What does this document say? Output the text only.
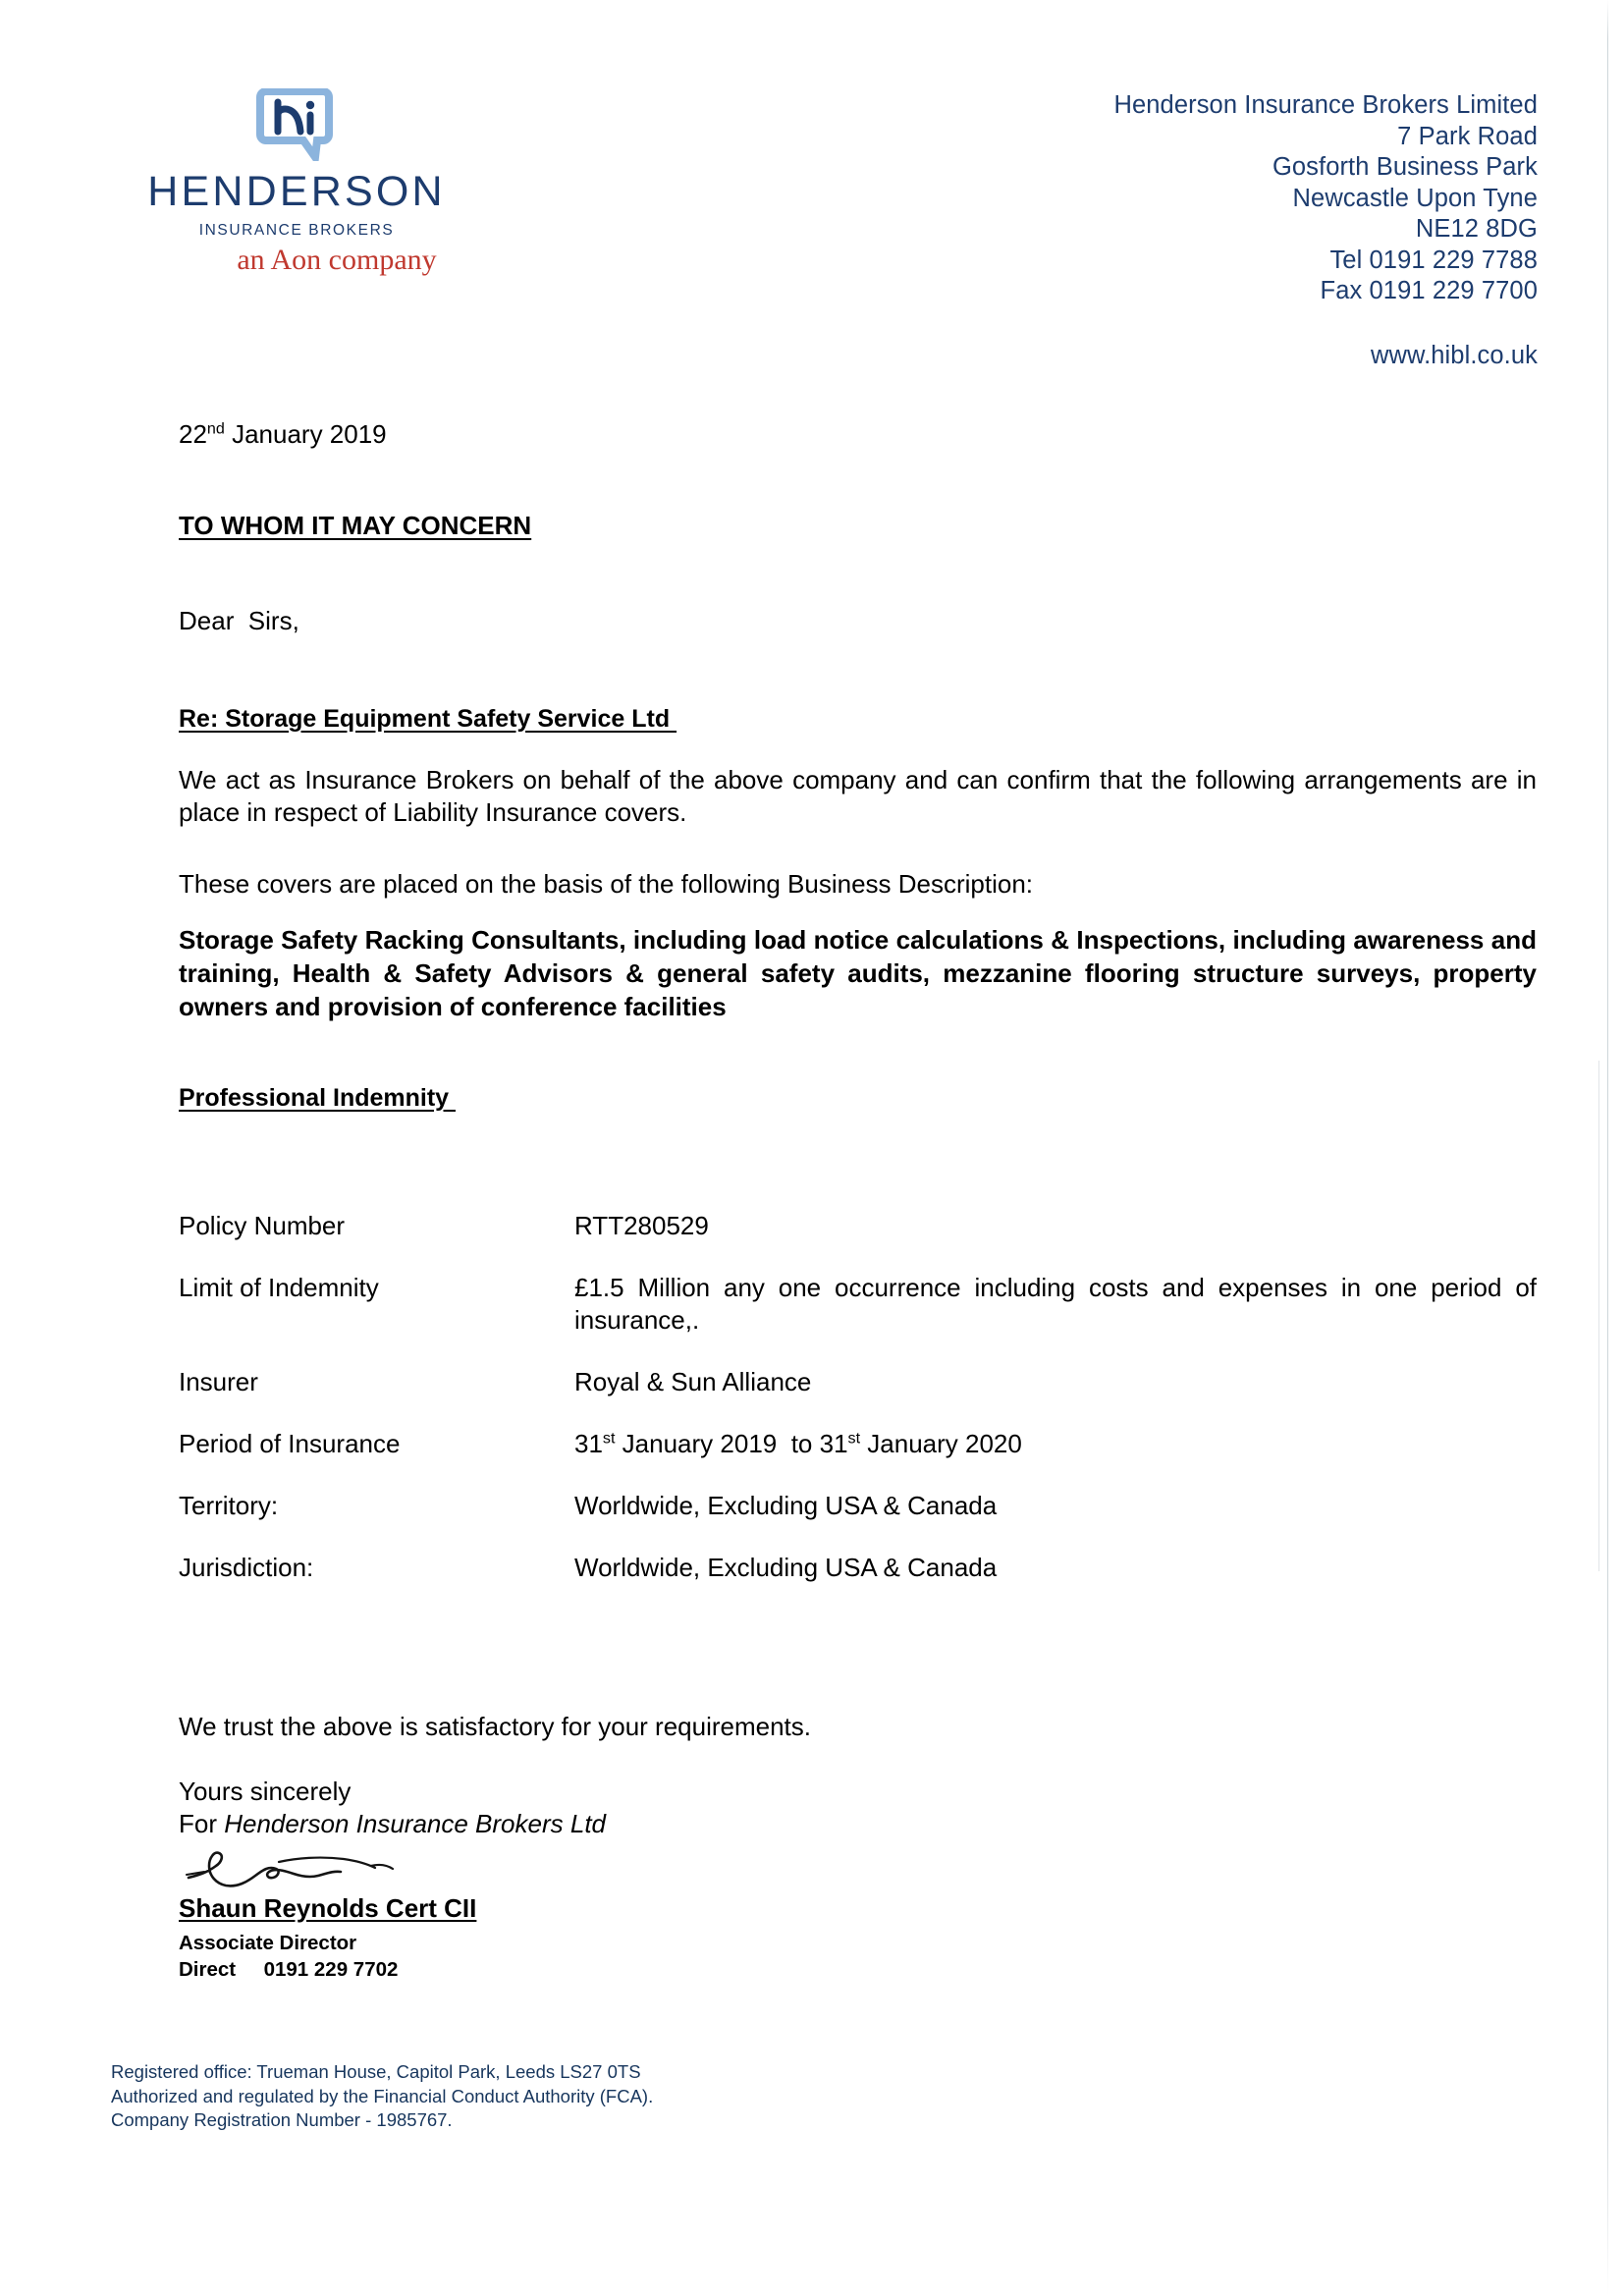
HENDERSON
INSURANCE BROKERS
an Aon company
Henderson Insurance Brokers Limited
7 Park Road
Gosforth Business Park
Newcastle Upon Tyne
NE12 8DG
Tel 0191 229 7788
Fax 0191 229 7700
www.hibl.co.uk
22nd January 2019
TO WHOM IT MAY CONCERN
Dear  Sirs,
Re: Storage Equipment Safety Service Ltd
We act as Insurance Brokers on behalf of the above company and can confirm that the following arrangements are in place in respect of Liability Insurance covers.
These covers are placed on the basis of the following Business Description:
Storage Safety Racking Consultants, including load notice calculations & Inspections, including awareness and training, Health & Safety Advisors & general safety audits, mezzanine flooring structure surveys, property owners and provision of conference facilities
Professional Indemnity
Policy Number	RTT280529
Limit of Indemnity	£1.5 Million any one occurrence including costs and expenses in one period of insurance,.
Insurer	Royal & Sun Alliance
Period of Insurance	31st January 2019  to 31st January 2020
Territory:	Worldwide, Excluding USA & Canada
Jurisdiction:	Worldwide, Excluding USA & Canada
We trust the above is satisfactory for your requirements.
Yours sincerely
For Henderson Insurance Brokers Ltd
Shaun Reynolds Cert CII
Associate Director
Direct 0191 229 7702
Registered office: Trueman House, Capitol Park, Leeds LS27 0TS
Authorized and regulated by the Financial Conduct Authority (FCA).
Company Registration Number - 1985767.
